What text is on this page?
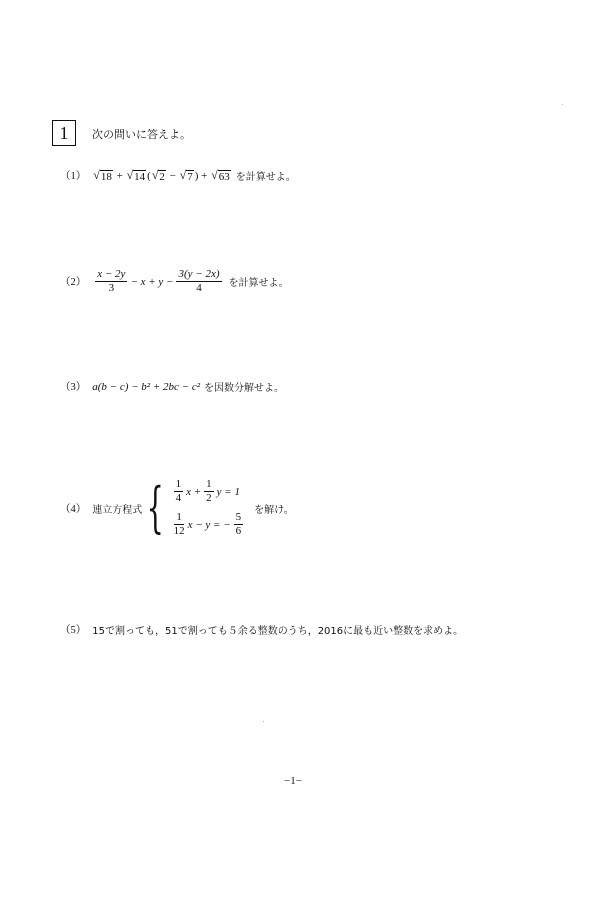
1	次の問いに答えよ。
（1） √ 18 + √ 14 ( √ 2 − √ 7 ) + √ 63 を計算せよ。
$(2) \frac{x - 2y}{3} - x + y - \frac{3(y - 2x)}{4}$ を計算せよ。
（3） a(b − c) − b² + 2bc − c² を因数分解せよ。
（4） 連立方程式 { $\frac{1}{4}$ $x + \frac{1}{2}$ y = 1
$\frac{1}{12}$ x − y = − $\frac{5}{6}$
を解け。
（5） 15で割っても，51で割っても５余る整数のうち，2016に最も近い整数を求めよ。
−1−
